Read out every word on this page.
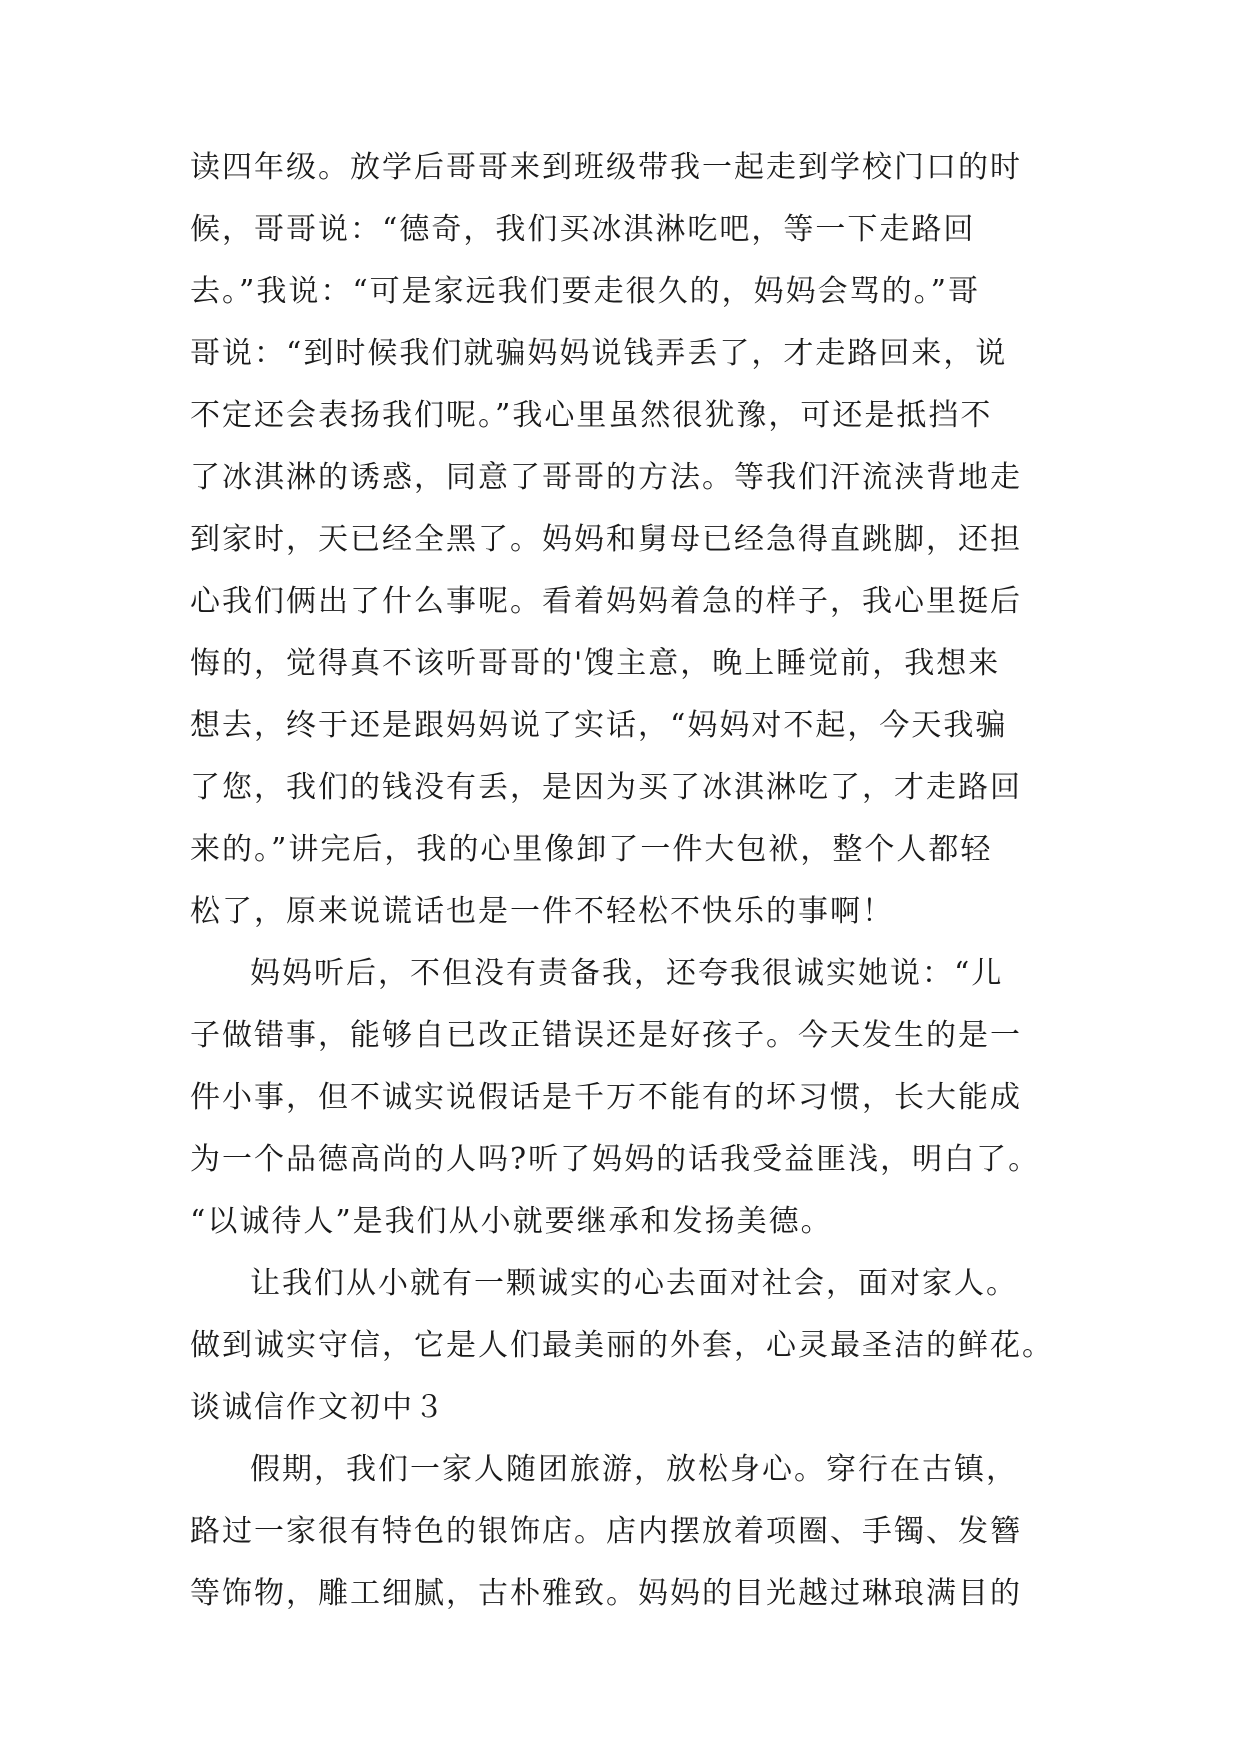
读四年级。放学后哥哥来到班级带我一起走到学校门口的时
候，哥哥说：“德奇，我们买冰淇淋吃吧，等一下走路回
去。”我说：“可是家远我们要走很久的，妈妈会骂的。”哥
哥说：“到时候我们就骗妈妈说钱弄丢了，才走路回来，说
不定还会表扬我们呢。”我心里虽然很犹豫，可还是抵挡不
了冰淇淋的诱惑，同意了哥哥的方法。等我们汗流浃背地走
到家时，天已经全黑了。妈妈和舅母已经急得直跳脚，还担
心我们俩出了什么事呢。看着妈妈着急的样子，我心里挺后
悔的，觉得真不该听哥哥的'馊主意，晚上睡觉前，我想来
想去，终于还是跟妈妈说了实话，“妈妈对不起，今天我骗
了您，我们的钱没有丢，是因为买了冰淇淋吃了，才走路回
来的。”讲完后，我的心里像卸了一件大包袱，整个人都轻
松了，原来说谎话也是一件不轻松不快乐的事啊！
妈妈听后，不但没有责备我，还夸我很诚实她说：“儿
子做错事，能够自已改正错误还是好孩子。今天发生的是一
件小事，但不诚实说假话是千万不能有的坏习惯，长大能成
为一个品德高尚的人吗?听了妈妈的话我受益匪浅，明白了。
“以诚待人”是我们从小就要继承和发扬美德。
让我们从小就有一颗诚实的心去面对社会，面对家人。
做到诚实守信，它是人们最美丽的外套，心灵最圣洁的鲜花。
谈诚信作文初中３
假期，我们一家人随团旅游，放松身心。穿行在古镇，
路过一家很有特色的银饰店。店内摆放着项圈、手镯、发簪
等饰物，雕工细腻，古朴雅致。妈妈的目光越过琳琅满目的
